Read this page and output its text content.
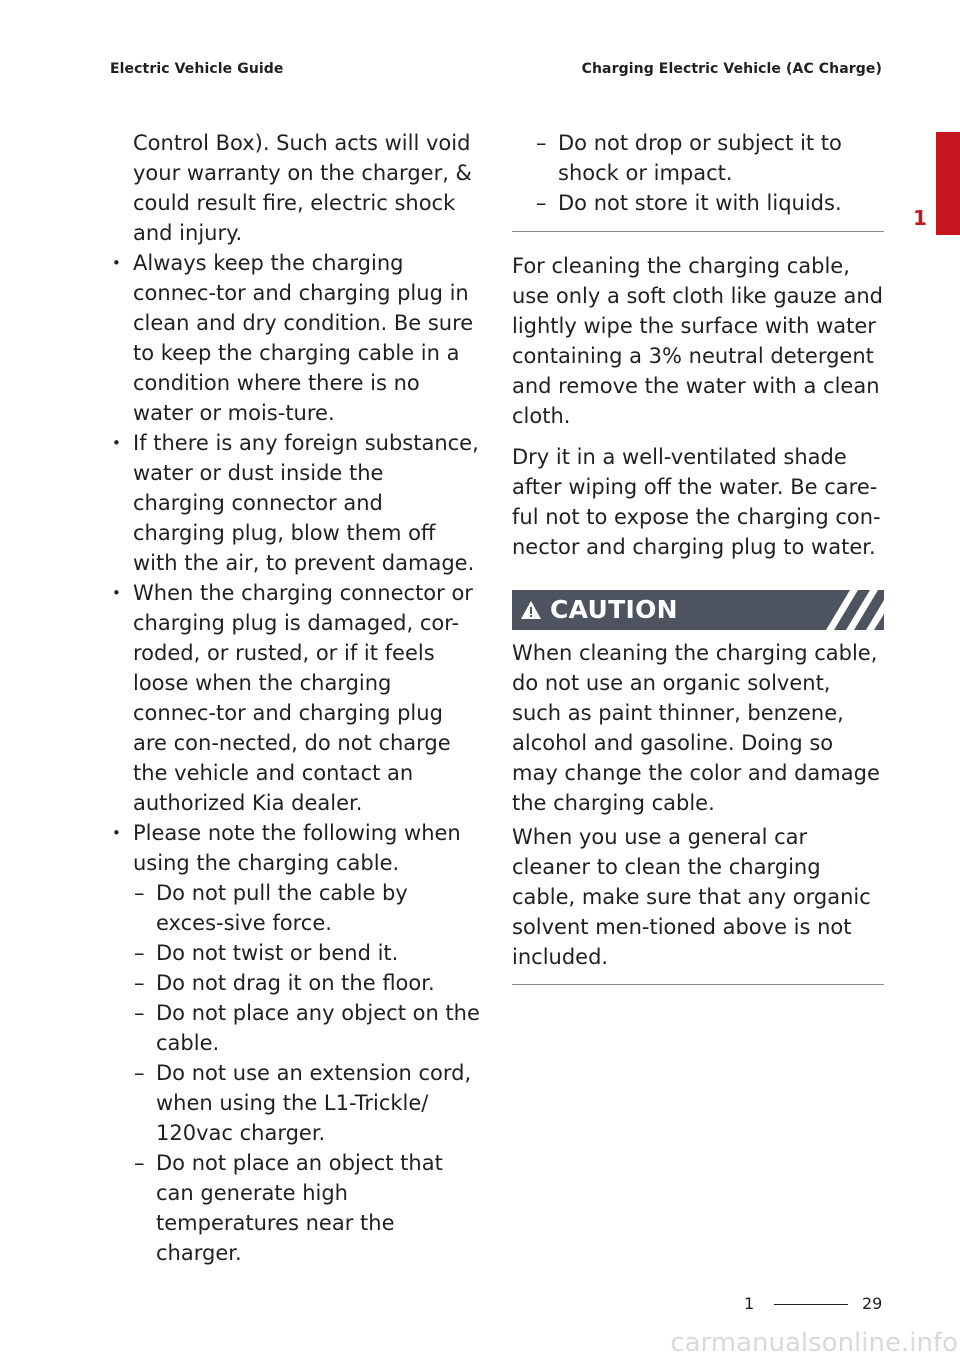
Electric Vehicle Guide	Charging Electric Vehicle (AC Charge)
1

Control Box). Such acts will void your warranty on the charger, & could result fire, electric shock and injury.

• Always keep the charging connec-tor and charging plug in clean and dry condition. Be sure to keep the charging cable in a condition where there is no water or mois-ture.

• If there is any foreign substance, water or dust inside the charging connector and charging plug, blow them off with the air, to prevent damage.

• When the charging connector or charging plug is damaged, cor-roded, or rusted, or if it feels loose when the charging connec-tor and charging plug are con-nected, do not charge the vehicle and contact an authorized Kia dealer.

• Please note the following when using the charging cable.

– Do not pull the cable by exces-sive force.

– Do not twist or bend it.

– Do not drag it on the floor.

– Do not place any object on the cable.

– Do not use an extension cord, when using the L1-Trickle/ 120vac charger.

– Do not place an object that can generate high temperatures near the charger.

– Do not drop or subject it to shock or impact.

– Do not store it with liquids.

For cleaning the charging cable, use only a soft cloth like gauze and lightly wipe the surface with water containing a 3% neutral detergent and remove the water with a clean cloth.

Dry it in a well-ventilated shade after wiping off the water. Be care-ful not to expose the charging con-nector and charging plug to water.

CAUTION

When cleaning the charging cable, do not use an organic solvent, such as paint thinner, benzene, alcohol and gasoline. Doing so may change the color and damage the charging cable.

When you use a general car cleaner to clean the charging cable, make sure that any organic solvent men-tioned above is not included.

1	29
carmanualsonline.info
